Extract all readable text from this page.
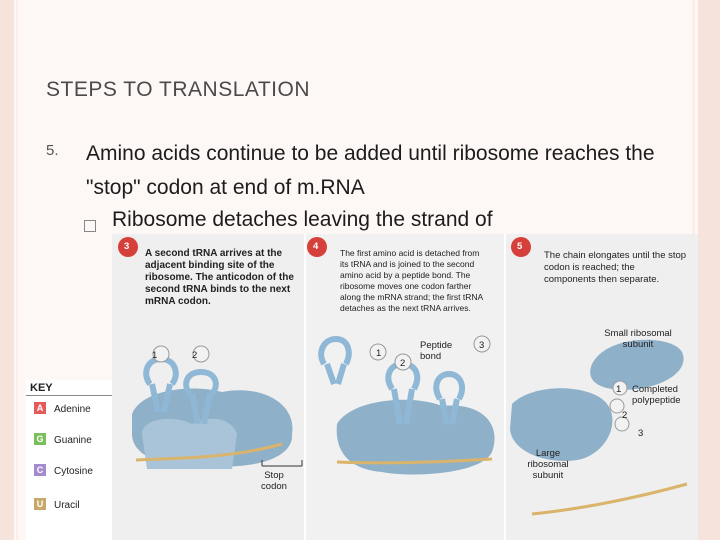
STEPS TO TRANSLATION
5. Amino acids continue to be added until ribosome reaches the "stop" codon at end of m.RNA
Ribosome detaches leaving the strand of
3	4	5
A second tRNA arrives at the adjacent binding site of the ribosome. The anticodon of the second tRNA binds to the next mRNA codon.
The first amino acid is detached from its tRNA and is joined to the second amino acid by a peptide bond. The ribosome moves one codon farther along the mRNA strand; the first tRNA detaches as the next tRNA arrives.
The chain elongates until the stop codon is reached; the components then separate.
1	2
Stop codon
1
2
3
Peptide bond
Small ribosomal subunit
Completed polypeptide
Large ribosomal subunit
1
2
3
KEY
A Adenine
G Guanine
C Cytosine
U Uracil
